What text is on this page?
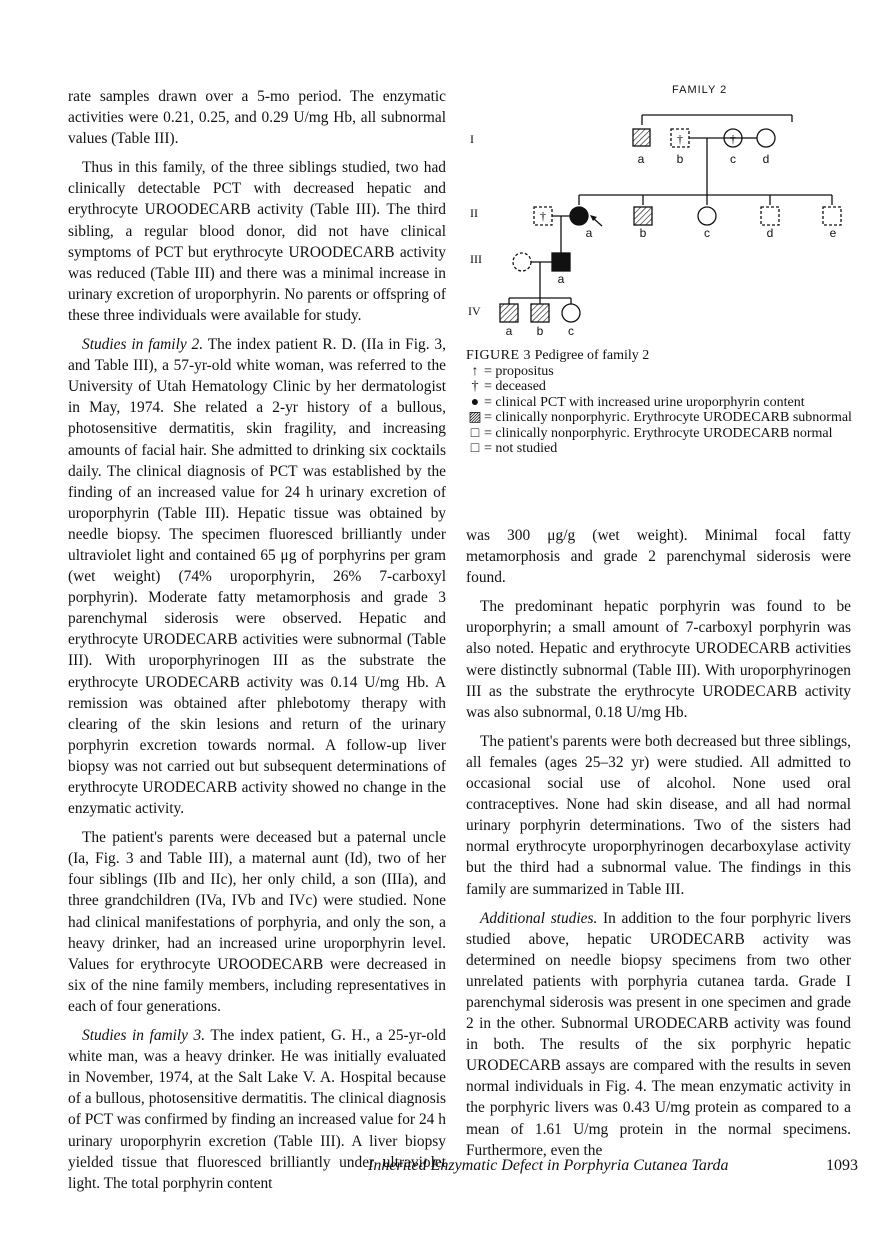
rate samples drawn over a 5-mo period. The enzymatic activities were 0.21, 0.25, and 0.29 U/mg Hb, all subnormal values (Table III).

Thus in this family, of the three siblings studied, two had clinically detectable PCT with decreased hepatic and erythrocyte UROODECARB activity (Table III). The third sibling, a regular blood donor, did not have clinical symptoms of PCT but erythrocyte UROODECARB activity was reduced (Table III) and there was a minimal increase in urinary excretion of uroporphyrin. No parents or offspring of these three individuals were available for study.

Studies in family 2. The index patient R. D. (IIa in Fig. 3, and Table III), a 57-yr-old white woman, was referred to the University of Utah Hematology Clinic by her dermatologist in May, 1974. She related a 2-yr history of a bullous, photosensitive dermatitis, skin fragility, and increasing amounts of facial hair. She admitted to drinking six cocktails daily. The clinical diagnosis of PCT was established by the finding of an increased value for 24 h urinary excretion of uroporphyrin (Table III). Hepatic tissue was obtained by needle biopsy. The specimen fluoresced brilliantly under ultraviolet light and contained 65 μg of porphyrins per gram (wet weight) (74% uroporphyrin, 26% 7-carboxyl porphyrin). Moderate fatty metamorphosis and grade 3 parenchymal siderosis were observed. Hepatic and erythrocyte URODECARB activities were subnormal (Table III). With uroporphyrinogen III as the substrate the erythrocyte URODECARB activity was 0.14 U/mg Hb. A remission was obtained after phlebotomy therapy with clearing of the skin lesions and return of the urinary porphyrin excretion towards normal. A follow-up liver biopsy was not carried out but subsequent determinations of erythrocyte URODECARB activity showed no change in the enzymatic activity.

The patient's parents were deceased but a paternal uncle (Ia, Fig. 3 and Table III), a maternal aunt (Id), two of her four siblings (IIb and IIc), her only child, a son (IIIa), and three grandchildren (IVa, IVb and IVc) were studied. None had clinical manifestations of porphyria, and only the son, a heavy drinker, had an increased urine uroporphyrin level. Values for erythrocyte UROODECARB were decreased in six of the nine family members, including representatives in each of four generations.

Studies in family 3. The index patient, G. H., a 25-yr-old white man, was a heavy drinker. He was initially evaluated in November, 1974, at the Salt Lake V. A. Hospital because of a bullous, photosensitive dermatitis. The clinical diagnosis of PCT was confirmed by finding an increased value for 24 h urinary uroporphyrin excretion (Table III). A liver biopsy yielded tissue that fluoresced brilliantly under ultraviolet light. The total porphyrin content

FAMILY 2
I
II
III
IV
†	†
†
a	b	c	d
a	b	c	d	e
a
a	b	c
FIGURE 3 Pedigree of family 2
↑ = propositus
† = deceased
● = clinical PCT with increased urine uroporphyrin content
▨ = clinically nonporphyric. Erythrocyte URODECARB subnormal
□ = clinically nonporphyric. Erythrocyte URODECARB normal
□ = not studied

was 300 μg/g (wet weight). Minimal focal fatty metamorphosis and grade 2 parenchymal siderosis were found.

The predominant hepatic porphyrin was found to be uroporphyrin; a small amount of 7-carboxyl porphyrin was also noted. Hepatic and erythrocyte URODECARB activities were distinctly subnormal (Table III). With uroporphyrinogen III as the substrate the erythrocyte URODECARB activity was also subnormal, 0.18 U/mg Hb.

The patient's parents were both decreased but three siblings, all females (ages 25–32 yr) were studied. All admitted to occasional social use of alcohol. None used oral contraceptives. None had skin disease, and all had normal urinary porphyrin determinations. Two of the sisters had normal erythrocyte uroporphyrinogen decarboxylase activity but the third had a subnormal value. The findings in this family are summarized in Table III.

Additional studies. In addition to the four porphyric livers studied above, hepatic URODECARB activity was determined on needle biopsy specimens from two other unrelated patients with porphyria cutanea tarda. Grade I parenchymal siderosis was present in one specimen and grade 2 in the other. Subnormal URODECARB activity was found in both. The results of the six porphyric hepatic URODECARB assays are compared with the results in seven normal individuals in Fig. 4. The mean enzymatic activity in the porphyric livers was 0.43 U/mg protein as compared to a mean of 1.61 U/mg protein in the normal specimens. Furthermore, even the

Inherited Enzymatic Defect in Porphyria Cutanea Tarda	1093
